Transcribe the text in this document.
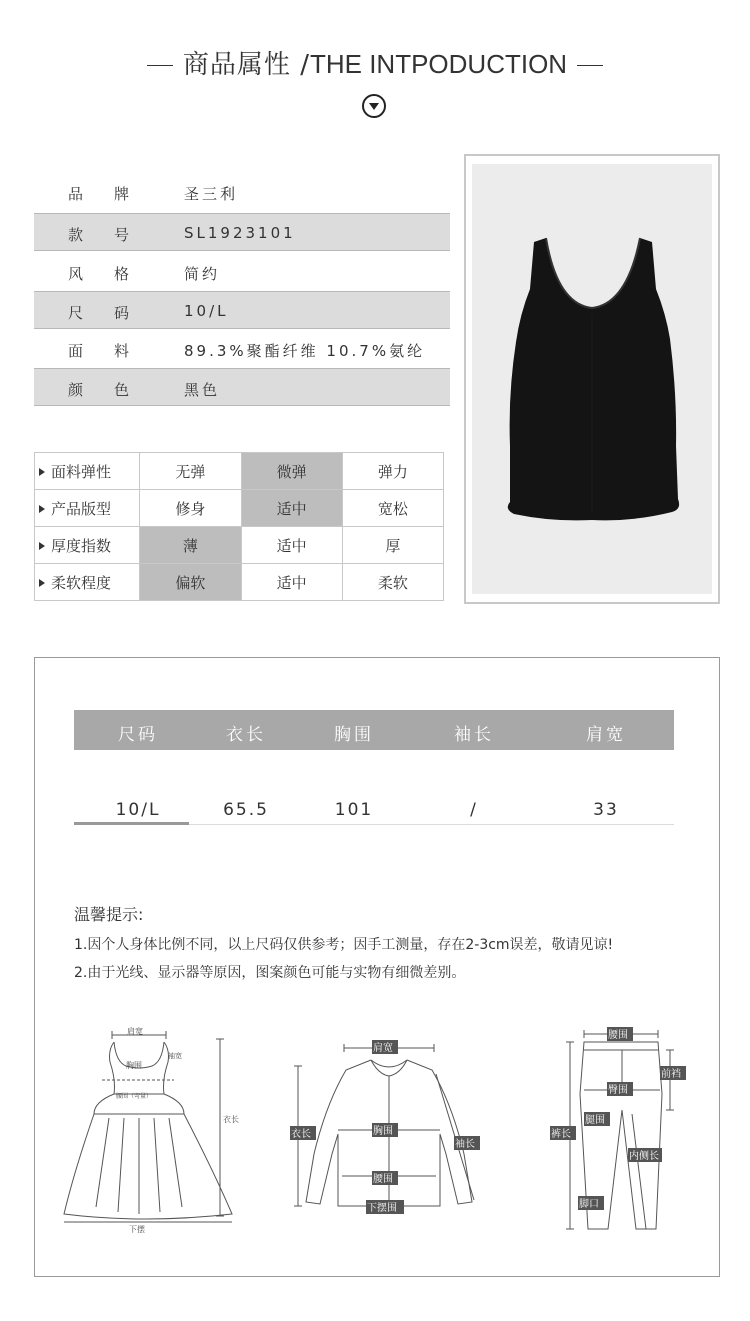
商品属性 /THE INTPODUCTION
品 牌	圣三利
款 号	SL1923101
风 格	简约
尺 码	10/L
面 料	89.3%聚酯纤维 10.7%氨纶
颜 色	黑色
面料弹性	无弹	微弹	弹力
产品版型	修身	适中	宽松
厚度指数	薄	适中	厚
柔软程度	偏软	适中	柔软
尺码	衣长	胸围	袖长	肩宽
10/L	65.5	101	/	33
温馨提示:
1.因个人身体比例不同，以上尺码仅供参考；因手工测量，存在2-3cm误差，敬请见谅!
2.由于光线、显示器等原因，图案颜色可能与实物有细微差别。
肩宽
胸围
袖宽
腰围（弯量）
衣长
下摆
肩宽
衣长	胸围
袖长
腰围
下摆围
腰围
前裆
臀围
腿围
裤长
内侧长
脚口
